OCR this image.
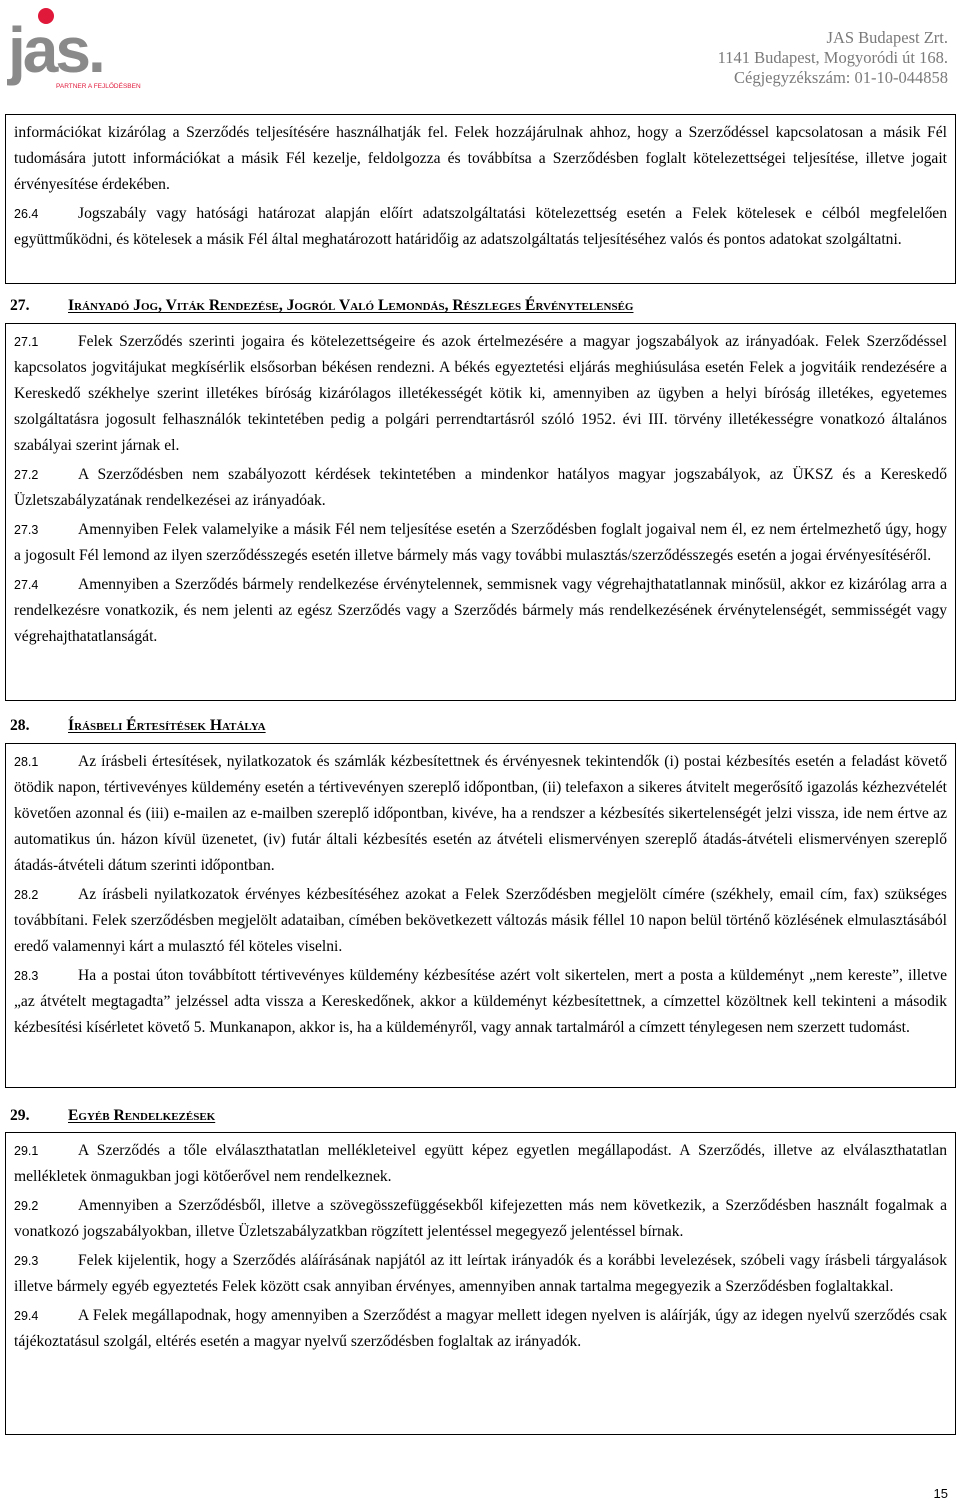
jas.
PARTNER A FEJLŐDÉSBEN
JAS Budapest Zrt.
1141 Budapest, Mogyoródi út 168.
Cégjegyzékszám: 01-10-044858

információkat kizárólag a Szerződés teljesítésére használhatják fel. Felek hozzájárulnak ahhoz, hogy a Szerződéssel kapcsolatosan a másik Fél tudomására jutott információkat a másik Fél kezelje, feldolgozza és továbbítsa a Szerződésben foglalt kötelezettségei teljesítése, illetve jogait érvényesítése érdekében.

26.4	Jogszabály vagy hatósági határozat alapján előírt adatszolgáltatási kötelezettség esetén a Felek kötelesek e célból megfelelően együttműködni, és kötelesek a másik Fél által meghatározott határidőig az adatszolgáltatás teljesítéséhez valós és pontos adatokat szolgáltatni.

27. Irányadó Jog, Viták Rendezése, Jogról Való Lemondás, Részleges Érvénytelenség

27.1	Felek Szerződés szerinti jogaira és kötelezettségeire és azok értelmezésére a magyar jogszabályok az irányadóak. Felek Szerződéssel kapcsolatos jogvitájukat megkísérlik elsősorban békésen rendezni. A békés egyeztetési eljárás meghiúsulása esetén Felek a jogvitáik rendezésére a Kereskedő székhelye szerint illetékes bíróság kizárólagos illetékességét kötik ki, amennyiben az ügyben a helyi bíróság illetékes, egyetemes szolgáltatásra jogosult felhasználók tekintetében pedig a polgári perrendtartásról szóló 1952. évi III. törvény illetékességre vonatkozó általános szabályai szerint járnak el.

27.2	A Szerződésben nem szabályozott kérdések tekintetében a mindenkor hatályos magyar jogszabályok, az ÜKSZ és a Kereskedő Üzletszabályzatának rendelkezései az irányadóak.

27.3	Amennyiben Felek valamelyike a másik Fél nem teljesítése esetén a Szerződésben foglalt jogaival nem él, ez nem értelmezhető úgy, hogy a jogosult Fél lemond az ilyen szerződésszegés esetén illetve bármely más vagy további mulasztás/szerződésszegés esetén a jogai érvényesítéséről.

27.4	Amennyiben a Szerződés bármely rendelkezése érvénytelennek, semmisnek vagy végrehajthatatlannak minősül, akkor ez kizárólag arra a rendelkezésre vonatkozik, és nem jelenti az egész Szerződés vagy a Szerződés bármely más rendelkezésének érvénytelenségét, semmisségét vagy végrehajthatatlanságát.

28. Írásbeli Értesítések Hatálya

28.1	Az írásbeli értesítések, nyilatkozatok és számlák kézbesítettnek és érvényesnek tekintendők (i) postai kézbesítés esetén a feladást követő ötödik napon, tértivevényes küldemény esetén a tértivevényen szereplő időpontban, (ii) telefaxon a sikeres átvitelt megerősítő igazolás kézhezvételét követően azonnal és (iii) e-mailen az e-mailben szereplő időpontban, kivéve, ha a rendszer a kézbesítés sikertelenségét jelzi vissza, ide nem értve az automatikus ún. házon kívül üzenetet, (iv) futár általi kézbesítés esetén az átvételi elismervényen szereplő átadás-átvételi elismervényen szereplő átadás-átvételi dátum szerinti időpontban.

28.2	Az írásbeli nyilatkozatok érvényes kézbesítéséhez azokat a Felek Szerződésben megjelölt címére (székhely, email cím, fax) szükséges továbbítani. Felek szerződésben megjelölt adataiban, címében bekövetkezett változás másik féllel 10 napon belül történő közlésének elmulasztásából eredő valamennyi kárt a mulasztó fél köteles viselni.

28.3	Ha a postai úton továbbított tértivevényes küldemény kézbesítése azért volt sikertelen, mert a posta a küldeményt „nem kereste”, illetve „az átvételt megtagadta” jelzéssel adta vissza a Kereskedőnek, akkor a küldeményt kézbesítettnek, a címzettel közöltnek kell tekinteni a második kézbesítési kísérletet követő 5. Munkanapon, akkor is, ha a küldeményről, vagy annak tartalmáról a címzett ténylegesen nem szerzett tudomást.

29. Egyéb Rendelkezések

29.1	A Szerződés a tőle elválaszthatatlan mellékleteivel együtt képez egyetlen megállapodást. A Szerződés, illetve az elválaszthatatlan mellékletek önmagukban jogi kötőerővel nem rendelkeznek.

29.2	Amennyiben a Szerződésből, illetve a szövegösszefüggésekből kifejezetten más nem következik, a Szerződésben használt fogalmak a vonatkozó jogszabályokban, illetve Üzletszabályzatkban rögzített jelentéssel megegyező jelentéssel bírnak.

29.3	Felek kijelentik, hogy a Szerződés aláírásának napjától az itt leírtak irányadók és a korábbi levelezések, szóbeli vagy írásbeli tárgyalások illetve bármely egyéb egyeztetés Felek között csak annyiban érvényes, amennyiben annak tartalma megegyezik a Szerződésben foglaltakkal.

29.4	A Felek megállapodnak, hogy amennyiben a Szerződést a magyar mellett idegen nyelven is aláírják, úgy az idegen nyelvű szerződés csak tájékoztatásul szolgál, eltérés esetén a magyar nyelvű szerződésben foglaltak az irányadók.

15
